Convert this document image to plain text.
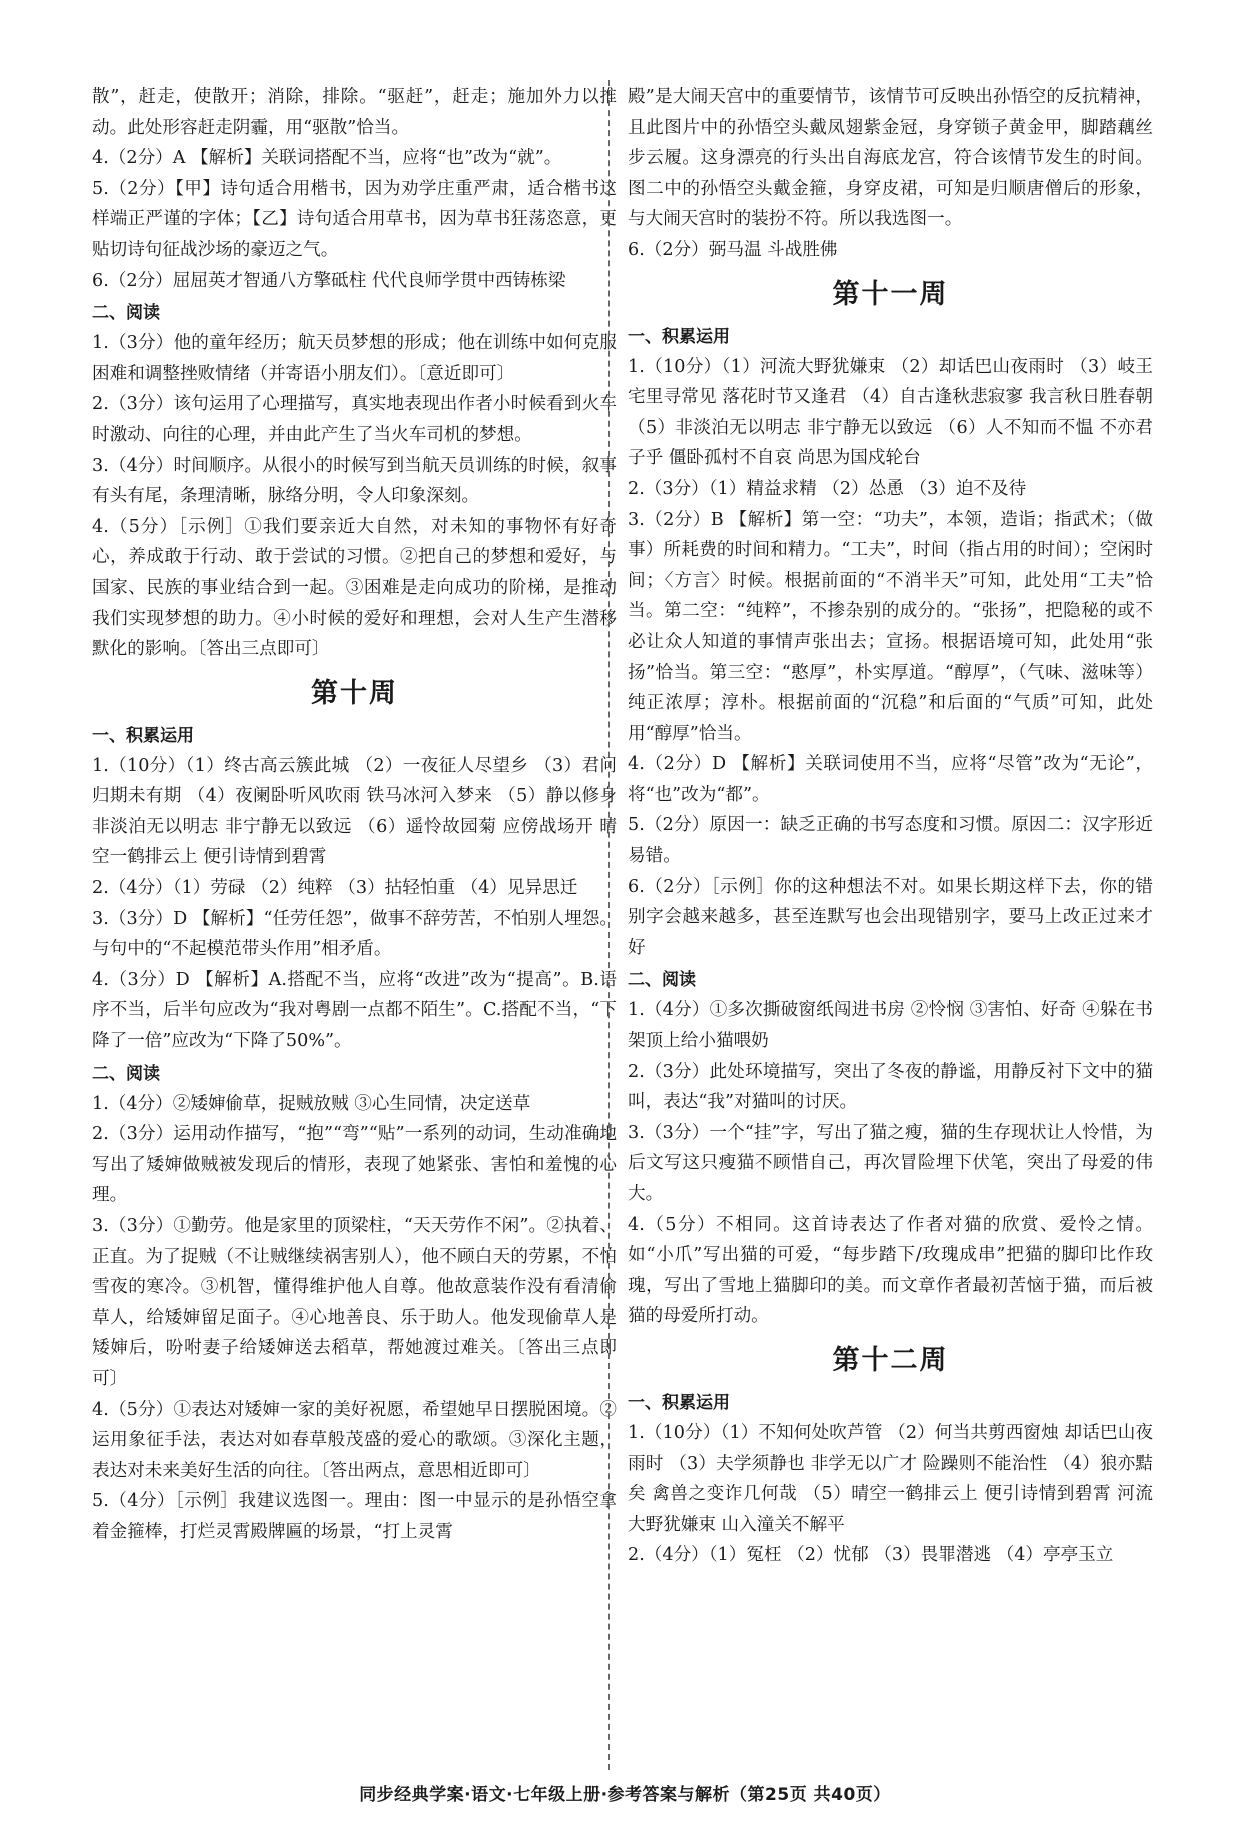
散”，赶走，使散开；消除，排除。“驱赶”，赶走；施加外力以推动。此处形容赶走阴霾，用“驱散”恰当。

4.（2分）A 【解析】关联词搭配不当，应将“也”改为“就”。

5.（2分）【甲】诗句适合用楷书，因为劝学庄重严肃，适合楷书这样端正严谨的字体；【乙】诗句适合用草书，因为草书狂荡恣意，更贴切诗句征战沙场的豪迈之气。

6.（2分）屈屈英才智通八方擎砥柱 代代良师学贯中西铸栋梁

二、阅读

1.（3分）他的童年经历；航天员梦想的形成；他在训练中如何克服困难和调整挫败情绪（并寄语小朋友们）。〔意近即可〕

2.（3分）该句运用了心理描写，真实地表现出作者小时候看到火车时激动、向往的心理，并由此产生了当火车司机的梦想。

3.（4分）时间顺序。从很小的时候写到当航天员训练的时候，叙事有头有尾，条理清晰，脉络分明，令人印象深刻。

4.（5分）［示例］①我们要亲近大自然，对未知的事物怀有好奇心，养成敢于行动、敢于尝试的习惯。②把自己的梦想和爱好，与国家、民族的事业结合到一起。③困难是走向成功的阶梯，是推动我们实现梦想的助力。④小时候的爱好和理想，会对人生产生潜移默化的影响。〔答出三点即可〕

第十周
一、积累运用

1.（10分）（1）终古高云簇此城 （2）一夜征人尽望乡 （3）君问归期未有期 （4）夜阑卧听风吹雨 铁马冰河入梦来 （5）静以修身 非淡泊无以明志 非宁静无以致远 （6）遥怜故园菊 应傍战场开 晴空一鹤排云上 便引诗情到碧霄

2.（4分）（1）劳碌 （2）纯粹 （3）拈轻怕重 （4）见异思迁

3.（3分）D 【解析】“任劳任怨”，做事不辞劳苦，不怕别人埋怨。与句中的“不起模范带头作用”相矛盾。

4.（3分）D 【解析】A.搭配不当，应将“改进”改为“提高”。B.语序不当，后半句应改为“我对粤剧一点都不陌生”。C.搭配不当，“下降了一倍”应改为“下降了50%”。

二、阅读

1.（4分）②矮婶偷草，捉贼放贼 ③心生同情，决定送草

2.（3分）运用动作描写，“抱”“弯”“贴”一系列的动词，生动准确地写出了矮婶做贼被发现后的情形，表现了她紧张、害怕和羞愧的心理。

3.（3分）①勤劳。他是家里的顶梁柱，“天天劳作不闲”。②执着、正直。为了捉贼（不让贼继续祸害别人），他不顾白天的劳累，不怕雪夜的寒冷。③机智，懂得维护他人自尊。他故意装作没有看清偷草人，给矮婶留足面子。④心地善良、乐于助人。他发现偷草人是矮婶后，吩咐妻子给矮婶送去稻草，帮她渡过难关。〔答出三点即可〕

4.（5分）①表达对矮婶一家的美好祝愿，希望她早日摆脱困境。②运用象征手法，表达对如春草般茂盛的爱心的歌颂。③深化主题，表达对未来美好生活的向往。〔答出两点，意思相近即可〕

5.（4分）［示例］我建议选图一。理由：图一中显示的是孙悟空拿着金箍棒，打烂灵霄殿牌匾的场景，“打上灵霄

殿”是大闹天宫中的重要情节，该情节可反映出孙悟空的反抗精神，且此图片中的孙悟空头戴凤翅紫金冠，身穿锁子黄金甲，脚踏藕丝步云履。这身漂亮的行头出自海底龙宫，符合该情节发生的时间。图二中的孙悟空头戴金箍，身穿皮裙，可知是归顺唐僧后的形象，与大闹天宫时的装扮不符。所以我选图一。

6.（2分）弼马温 斗战胜佛

第十一周
一、积累运用

1.（10分）（1）河流大野犹嫌束 （2）却话巴山夜雨时 （3）岐王宅里寻常见 落花时节又逢君 （4）自古逢秋悲寂寥 我言秋日胜春朝 （5）非淡泊无以明志 非宁静无以致远 （6）人不知而不愠 不亦君子乎 僵卧孤村不自哀 尚思为国戍轮台

2.（3分）（1）精益求精 （2）怂恿 （3）迫不及待

3.（2分）B 【解析】第一空：“功夫”，本领，造诣；指武术；（做事）所耗费的时间和精力。“工夫”，时间（指占用的时间）；空闲时间；〈方言〉时候。根据前面的“不消半天”可知，此处用“工夫”恰当。第二空：“纯粹”，不掺杂别的成分的。“张扬”，把隐秘的或不必让众人知道的事情声张出去；宣扬。根据语境可知，此处用“张扬”恰当。第三空：“憨厚”，朴实厚道。“醇厚”，（气味、滋味等）纯正浓厚；淳朴。根据前面的“沉稳”和后面的“气质”可知，此处用“醇厚”恰当。

4.（2分）D 【解析】关联词使用不当，应将“尽管”改为“无论”，将“也”改为“都”。

5.（2分）原因一：缺乏正确的书写态度和习惯。原因二：汉字形近易错。

6.（2分）［示例］你的这种想法不对。如果长期这样下去，你的错别字会越来越多，甚至连默写也会出现错别字，要马上改正过来才好

二、阅读

1.（4分）①多次撕破窗纸闯进书房 ②怜悯 ③害怕、好奇 ④躲在书架顶上给小猫喂奶

2.（3分）此处环境描写，突出了冬夜的静谧，用静反衬下文中的猫叫，表达“我”对猫叫的讨厌。

3.（3分）一个“挂”字，写出了猫之瘦，猫的生存现状让人怜惜，为后文写这只瘦猫不顾惜自己，再次冒险埋下伏笔，突出了母爱的伟大。

4.（5分）不相同。这首诗表达了作者对猫的欣赏、爱怜之情。如“小爪”写出猫的可爱，“每步踏下/玫瑰成串”把猫的脚印比作玫瑰，写出了雪地上猫脚印的美。而文章作者最初苦恼于猫，而后被猫的母爱所打动。

第十二周
一、积累运用

1.（10分）（1）不知何处吹芦管 （2）何当共剪西窗烛 却话巴山夜雨时 （3）夫学须静也 非学无以广才 险躁则不能治性 （4）狼亦黠矣 禽兽之变诈几何哉 （5）晴空一鹤排云上 便引诗情到碧霄 河流大野犹嫌束 山入潼关不解平

2.（4分）（1）冤枉 （2）忧郁 （3）畏罪潜逃 （4）亭亭玉立

同步经典学案·语文·七年级上册·参考答案与解析（第25页 共40页）
